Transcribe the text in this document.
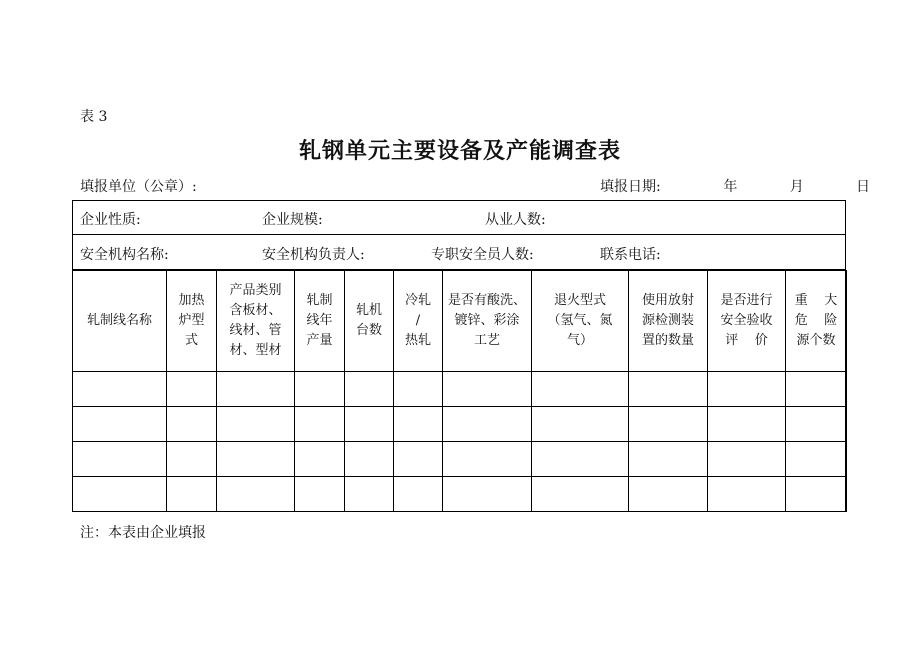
表 3
轧钢单元主要设备及产能调查表
填报单位（公章）:	填报日期:	年	月	日
企业性质:	企业规模:	从业人数:
安全机构名称:	安全机构负责人:	专职安全员人数:	联系电话:
轧制线名称	加热
炉型
式	产品类别
含板材、
线材、管
材、型材	轧制
线年
产量	轧机
台数	冷轧
/
热轧	是否有酸洗、
镀锌、彩涂
工艺	退火型式
（氢气、氮
气）	使用放射
源检测装
置的数量	是否进行
安全验收
评    价	重    大
危    险
源个数

注：本表由企业填报
